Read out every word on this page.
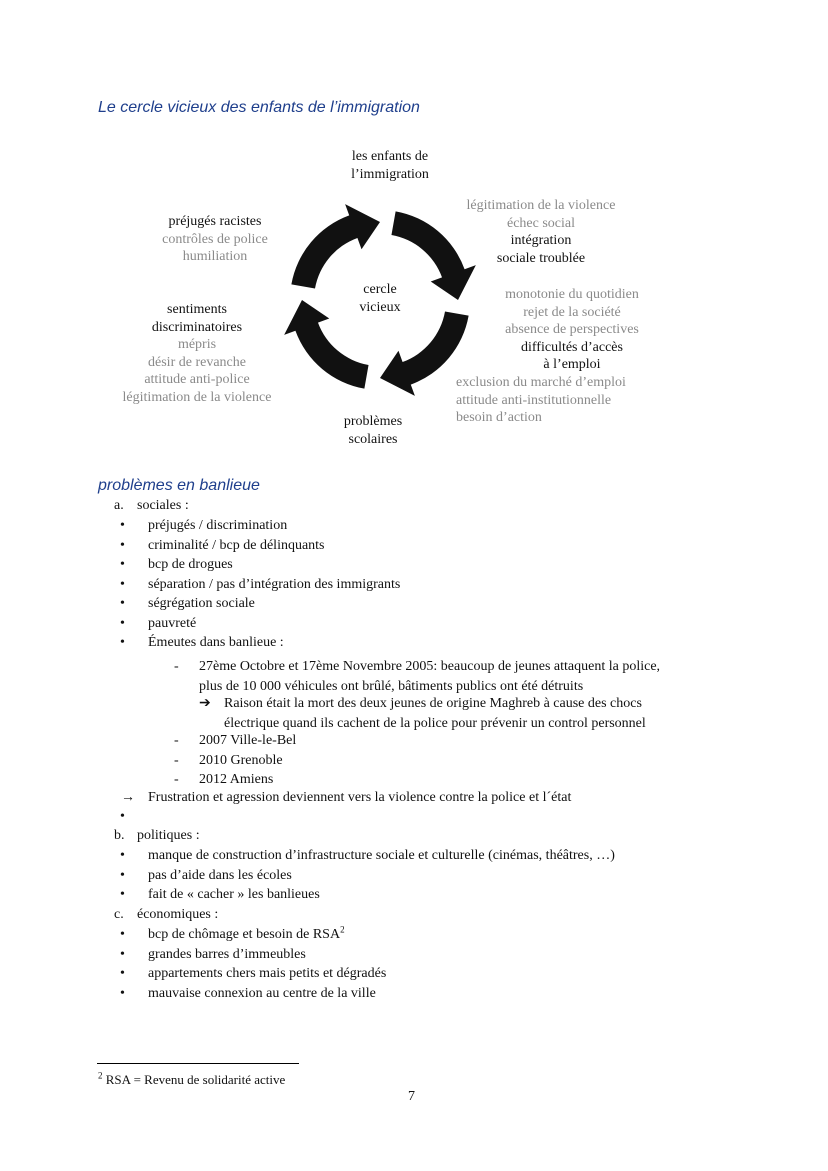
Le cercle vicieux des enfants de l’immigration
les enfants de
l’immigration
cercle
vicieux
légitimation de la violence
échec social
intégration
sociale troublée
monotonie du quotidien
rejet de la société
absence de perspectives
difficultés d’accès
à l’emploi
exclusion du marché d’emploi
attitude anti-institutionnelle
besoin d’action
problèmes
scolaires
préjugés racistes
contrôles de police
humiliation
sentiments
discriminatoires
mépris
désir de revanche
attitude anti-police
légitimation de la violence
problèmes en banlieue
a. sociales :
• préjugés / discrimination
• criminalité / bcp de délinquants
• bcp de drogues
• séparation / pas d’intégration des immigrants
• ségrégation sociale
• pauvreté
• Émeutes dans banlieue :
- 27ème Octobre et 17ème Novembre 2005: beaucoup de jeunes attaquent la police,
plus de 10 000 véhicules ont brûlé, bâtiments publics ont été détruits
➔ Raison était la mort des deux jeunes de origine Maghreb à cause des chocs
électrique quand ils cachent de la police pour prévenir un control personnel
- 2007 Ville-le-Bel
- 2010 Grenoble
- 2012 Amiens
→ Frustration et agression deviennent vers la violence contre la police et l´état
•
b. politiques :
• manque de construction d’infrastructure sociale et culturelle (cinémas, théâtres, …)
• pas d’aide dans les écoles
• fait de « cacher » les banlieues
c. économiques :
• bcp de chômage et besoin de RSA$^2$
• grandes barres d’immeubles
• appartements chers mais petits et dégradés
• mauvaise connexion au centre de la ville
$^2$ RSA = Revenu de solidarité active
7
